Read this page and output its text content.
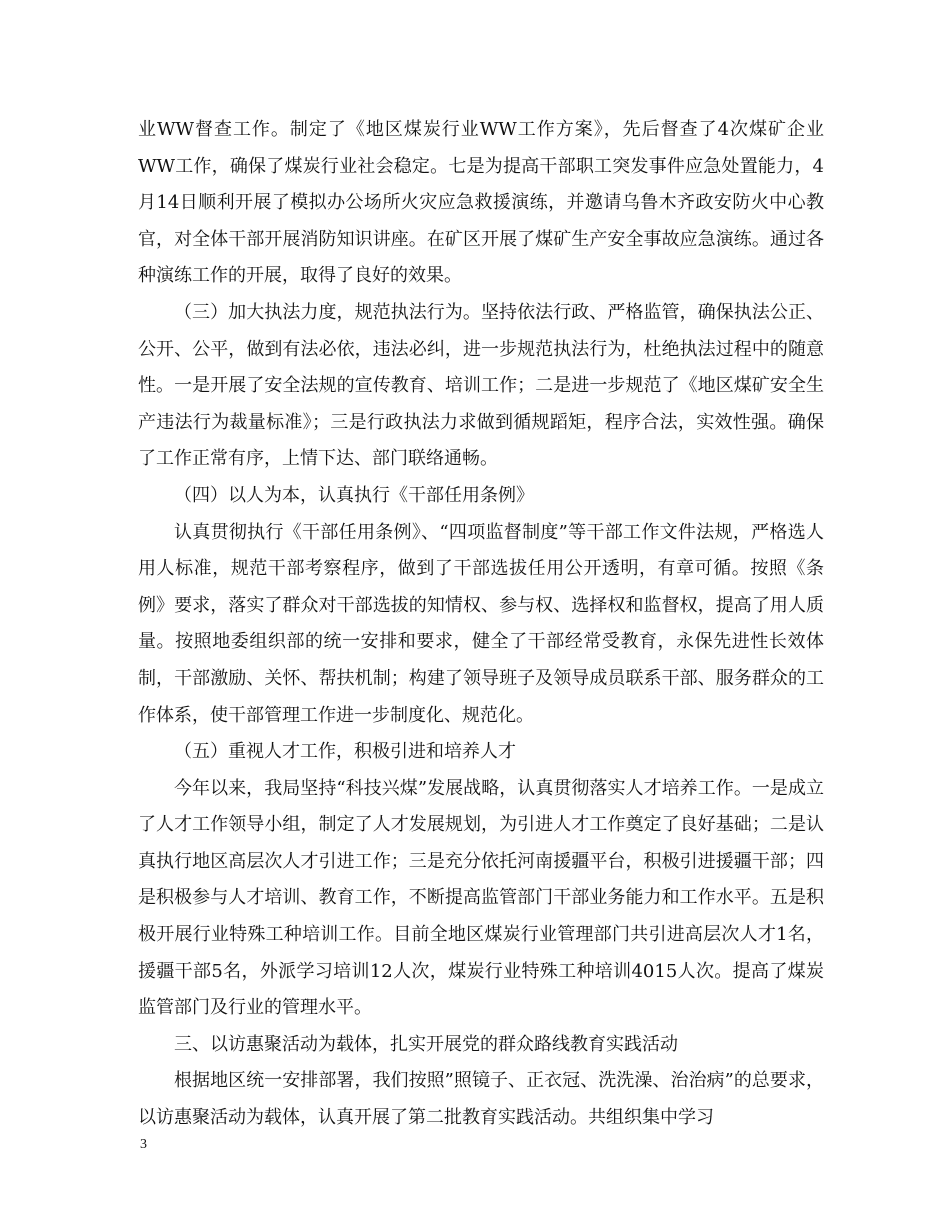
业WW督查工作。制定了《地区煤炭行业WW工作方案》，先后督查了4次煤矿企业WW工作，确保了煤炭行业社会稳定。七是为提高干部职工突发事件应急处置能力，4月14日顺利开展了模拟办公场所火灾应急救援演练，并邀请乌鲁木齐政安防火中心教官，对全体干部开展消防知识讲座。在矿区开展了煤矿生产安全事故应急演练。通过各种演练工作的开展，取得了良好的效果。

（三）加大执法力度，规范执法行为。坚持依法行政、严格监管，确保执法公正、公开、公平，做到有法必依，违法必纠，进一步规范执法行为，杜绝执法过程中的随意性。一是开展了安全法规的宣传教育、培训工作；二是进一步规范了《地区煤矿安全生产违法行为裁量标准》；三是行政执法力求做到循规蹈矩，程序合法，实效性强。确保了工作正常有序，上情下达、部门联络通畅。

（四）以人为本，认真执行《干部任用条例》

认真贯彻执行《干部任用条例》、“四项监督制度”等干部工作文件法规，严格选人用人标准，规范干部考察程序，做到了干部选拔任用公开透明，有章可循。按照《条例》要求，落实了群众对干部选拔的知情权、参与权、选择权和监督权，提高了用人质量。按照地委组织部的统一安排和要求，健全了干部经常受教育，永保先进性长效体制，干部激励、关怀、帮扶机制；构建了领导班子及领导成员联系干部、服务群众的工作体系，使干部管理工作进一步制度化、规范化。

（五）重视人才工作，积极引进和培养人才

今年以来，我局坚持“科技兴煤”发展战略，认真贯彻落实人才培养工作。一是成立了人才工作领导小组，制定了人才发展规划，为引进人才工作奠定了良好基础；二是认真执行地区高层次人才引进工作；三是充分依托河南援疆平台，积极引进援疆干部；四是积极参与人才培训、教育工作，不断提高监管部门干部业务能力和工作水平。五是积极开展行业特殊工种培训工作。目前全地区煤炭行业管理部门共引进高层次人才1名，援疆干部5名，外派学习培训12人次，煤炭行业特殊工种培训4015人次。提高了煤炭监管部门及行业的管理水平。

三、以访惠聚活动为载体，扎实开展党的群众路线教育实践活动

根据地区统一安排部署，我们按照”照镜子、正衣冠、洗洗澡、治治病”的总要求，以访惠聚活动为载体，认真开展了第二批教育实践活动。共组织集中学习

3
